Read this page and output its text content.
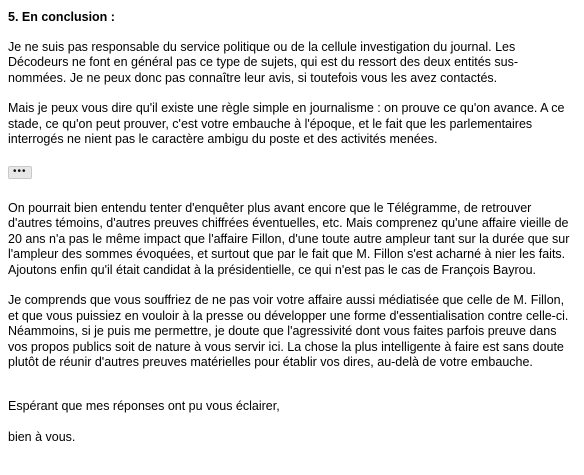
5. En conclusion :
Je ne suis pas responsable du service politique ou de la cellule investigation du journal. Les Décodeurs ne font en général pas ce type de sujets, qui est du ressort des deux entités sus-nommées. Je ne peux donc pas connaître leur avis, si toutefois vous les avez contactés.
Mais je peux vous dire qu'il existe une règle simple en journalisme : on prouve ce qu'on avance. A ce stade, ce qu'on peut prouver, c'est votre embauche à l'époque, et le fait que les parlementaires interrogés ne nient pas le caractère ambigu du poste et des activités menées.
•••
On pourrait bien entendu tenter d'enquêter plus avant encore que le Télégramme, de retrouver d'autres témoins, d'autres preuves chiffrées éventuelles, etc. Mais comprenez qu'une affaire vieille de 20 ans n'a pas le même impact que l'affaire Fillon, d'une toute autre ampleur tant sur la durée que sur l'ampleur des sommes évoquées, et surtout que par le fait que M. Fillon s'est acharné à nier les faits. Ajoutons enfin qu'il était candidat à la présidentielle, ce qui n'est pas le cas de François Bayrou.
Je comprends que vous souffriez de ne pas voir votre affaire aussi médiatisée que celle de M. Fillon, et que vous puissiez en vouloir à la presse ou développer une forme d'essentialisation contre celle-ci. Néammoins, si je puis me permettre, je doute que l'agressivité dont vous faites parfois preuve dans vos propos publics soit de nature à vous servir ici. La chose la plus intelligente à faire est sans doute plutôt de réunir d'autres preuves matérielles pour établir vos dires, au-delà de votre embauche.
Espérant que mes réponses ont pu vous éclairer,
bien à vous.
